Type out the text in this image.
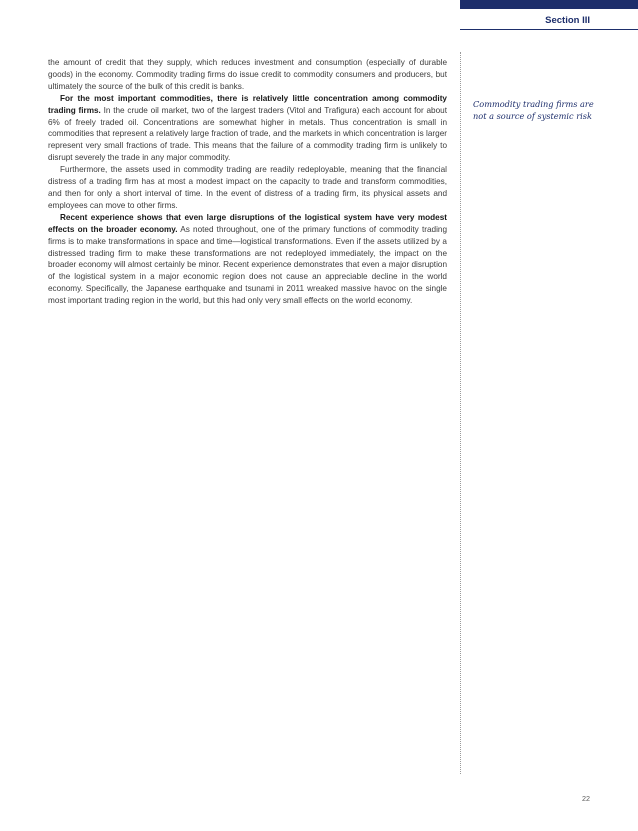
Section III

the amount of credit that they supply, which reduces investment and consumption (especially of durable goods) in the economy. Commodity trading firms do issue credit to commodity consumers and producers, but ultimately the source of the bulk of this credit is banks.

For the most important commodities, there is relatively little concentration among commodity trading firms. In the crude oil market, two of the largest traders (Vitol and Trafigura) each account for about 6% of freely traded oil. Concentrations are somewhat higher in metals. Thus concentration is small in commodities that represent a relatively large fraction of trade, and the markets in which concentration is larger represent very small fractions of trade. This means that the failure of a commodity trading firm is unlikely to disrupt severely the trade in any major commodity.

Furthermore, the assets used in commodity trading are readily redeployable, meaning that the financial distress of a trading firm has at most a modest impact on the capacity to trade and transform commodities, and then for only a short interval of time. In the event of distress of a trading firm, its physical assets and employees can move to other firms.

Recent experience shows that even large disruptions of the logistical system have very modest effects on the broader economy. As noted throughout, one of the primary functions of commodity trading firms is to make transformations in space and time—logistical transformations. Even if the assets utilized by a distressed trading firm to make these transformations are not redeployed immediately, the impact on the broader economy will almost certainly be minor. Recent experience demonstrates that even a major disruption of the logistical system in a major economic region does not cause an appreciable decline in the world economy. Specifically, the Japanese earthquake and tsunami in 2011 wreaked massive havoc on the single most important trading region in the world, but this had only very small effects on the world economy.

Commodity trading firms are not a source of systemic risk
22
